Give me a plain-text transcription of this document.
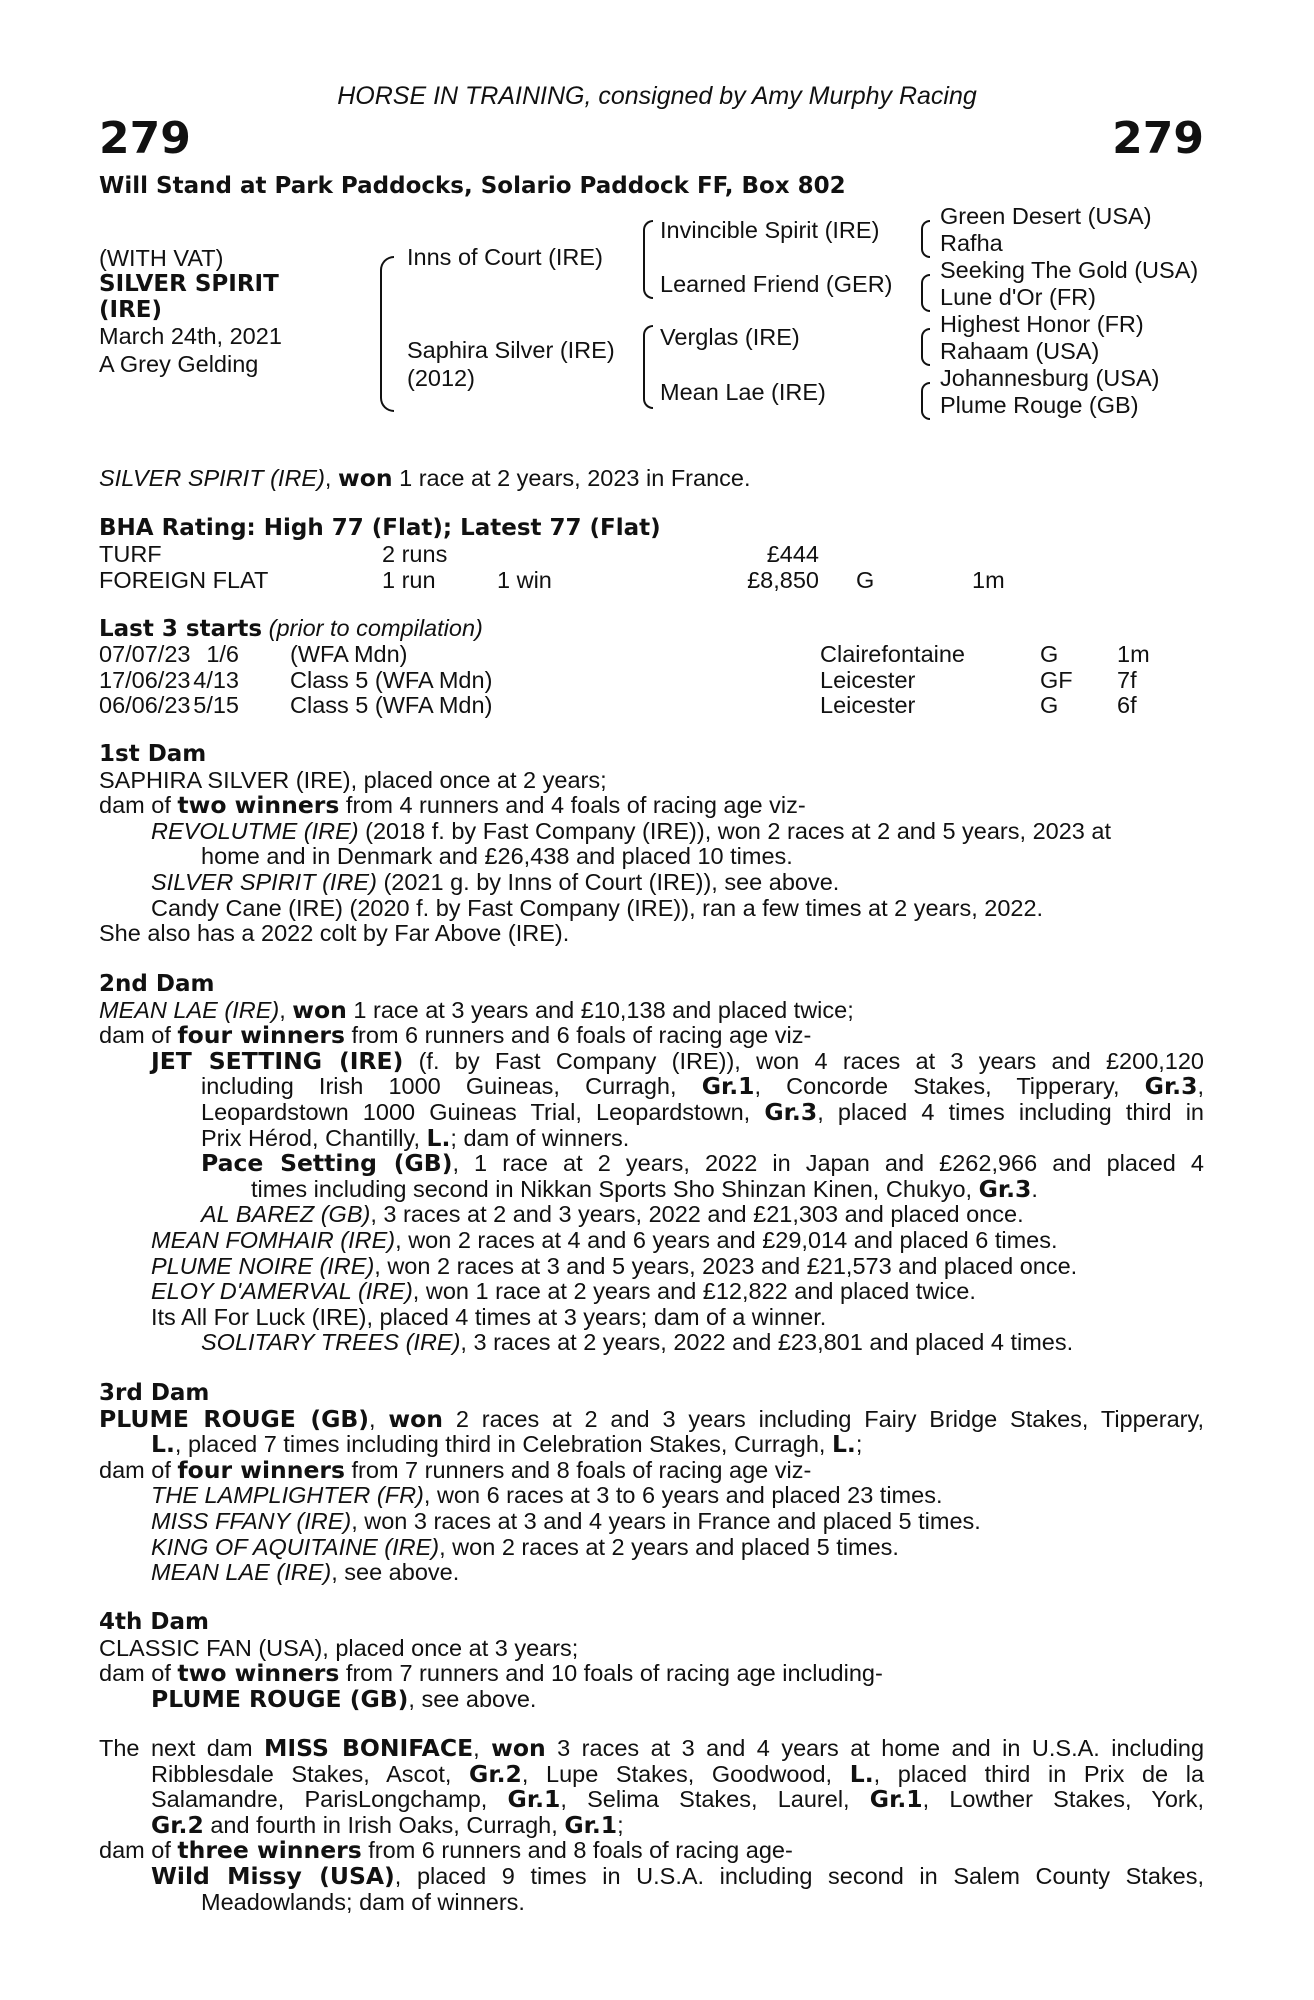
HORSE IN TRAINING, consigned by Amy Murphy Racing
279	279
Will Stand at Park Paddocks, Solario Paddock FF, Box 802
(WITH VAT)
SILVER SPIRIT
(IRE)
March 24th, 2021
A Grey Gelding
Inns of Court (IRE)
Saphira Silver (IRE)
(2012)
Invincible Spirit (IRE)
Learned Friend (GER)
Verglas (IRE)
Mean Lae (IRE)
Green Desert (USA)
Rafha
Seeking The Gold (USA)
Lune d'Or (FR)
Highest Honor (FR)
Rahaam (USA)
Johannesburg (USA)
Plume Rouge (GB)
SILVER SPIRIT (IRE), won 1 race at 2 years, 2023 in France.
BHA Rating: High 77 (Flat); Latest 77 (Flat)
TURF	2 runs	£444
FOREIGN FLAT	1 run	1 win	£8,850 G	1m
Last 3 starts (prior to compilation)
07/07/23 1/6 (WFA Mdn)	Clairefontaine	G 1m
17/06/23 4/13 Class 5 (WFA Mdn)	Leicester	GF 7f
06/06/23 5/15 Class 5 (WFA Mdn)	Leicester	G 6f
1st Dam
SAPHIRA SILVER (IRE), placed once at 2 years;
dam of two winners from 4 runners and 4 foals of racing age viz-
REVOLUTME (IRE) (2018 f. by Fast Company (IRE)), won 2 races at 2 and 5 years, 2023 at
home and in Denmark and £26,438 and placed 10 times.
SILVER SPIRIT (IRE) (2021 g. by Inns of Court (IRE)), see above.
Candy Cane (IRE) (2020 f. by Fast Company (IRE)), ran a few times at 2 years, 2022.
She also has a 2022 colt by Far Above (IRE).
2nd Dam
MEAN LAE (IRE), won 1 race at 3 years and £10,138 and placed twice;
dam of four winners from 6 runners and 6 foals of racing age viz-
JET SETTING (IRE) (f. by Fast Company (IRE)), won 4 races at 3 years and £200,120
including Irish 1000 Guineas, Curragh, Gr.1, Concorde Stakes, Tipperary, Gr.3,
Leopardstown 1000 Guineas Trial, Leopardstown, Gr.3, placed 4 times including third in
Prix Hérod, Chantilly, L.; dam of winners.
Pace Setting (GB), 1 race at 2 years, 2022 in Japan and £262,966 and placed 4
times including second in Nikkan Sports Sho Shinzan Kinen, Chukyo, Gr.3.
AL BAREZ (GB), 3 races at 2 and 3 years, 2022 and £21,303 and placed once.
MEAN FOMHAIR (IRE), won 2 races at 4 and 6 years and £29,014 and placed 6 times.
PLUME NOIRE (IRE), won 2 races at 3 and 5 years, 2023 and £21,573 and placed once.
ELOY D'AMERVAL (IRE), won 1 race at 2 years and £12,822 and placed twice.
Its All For Luck (IRE), placed 4 times at 3 years; dam of a winner.
SOLITARY TREES (IRE), 3 races at 2 years, 2022 and £23,801 and placed 4 times.
3rd Dam
PLUME ROUGE (GB), won 2 races at 2 and 3 years including Fairy Bridge Stakes, Tipperary,
L., placed 7 times including third in Celebration Stakes, Curragh, L.;
dam of four winners from 7 runners and 8 foals of racing age viz-
THE LAMPLIGHTER (FR), won 6 races at 3 to 6 years and placed 23 times.
MISS FFANY (IRE), won 3 races at 3 and 4 years in France and placed 5 times.
KING OF AQUITAINE (IRE), won 2 races at 2 years and placed 5 times.
MEAN LAE (IRE), see above.
4th Dam
CLASSIC FAN (USA), placed once at 3 years;
dam of two winners from 7 runners and 10 foals of racing age including-
PLUME ROUGE (GB), see above.
The next dam MISS BONIFACE, won 3 races at 3 and 4 years at home and in U.S.A. including
Ribblesdale Stakes, Ascot, Gr.2, Lupe Stakes, Goodwood, L., placed third in Prix de la
Salamandre, ParisLongchamp, Gr.1, Selima Stakes, Laurel, Gr.1, Lowther Stakes, York,
Gr.2 and fourth in Irish Oaks, Curragh, Gr.1;
dam of three winners from 6 runners and 8 foals of racing age-
Wild Missy (USA), placed 9 times in U.S.A. including second in Salem County Stakes,
Meadowlands; dam of winners.
